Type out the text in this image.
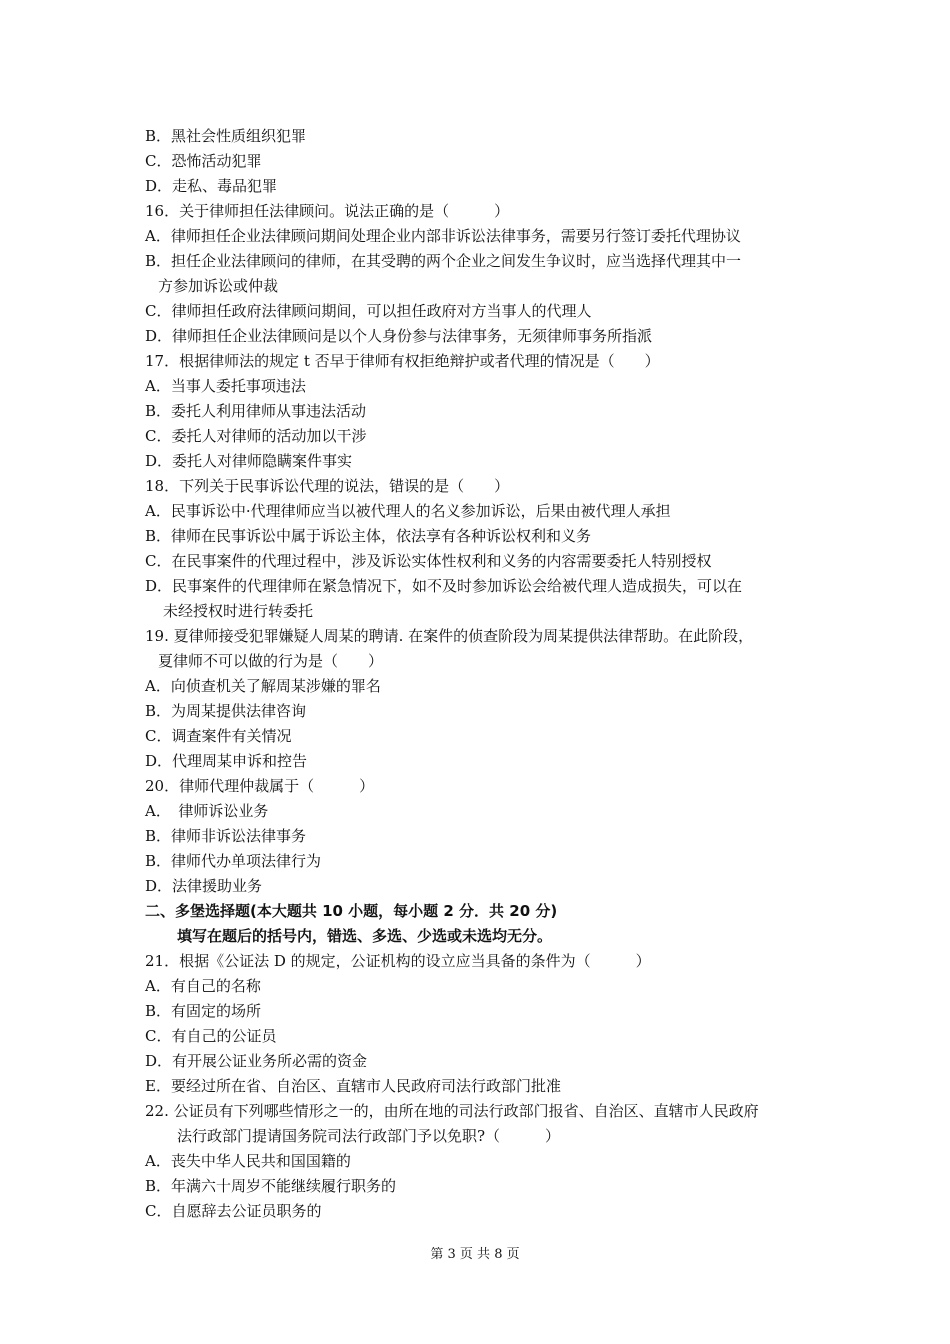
B．黑社会性质组织犯罪
C．恐怖活动犯罪
D．走私、毒品犯罪
16．关于律师担任法律顾问。说法正确的是（　　　）
A．律师担任企业法律顾问期间处理企业内部非诉讼法律事务，需要另行签订委托代理协议
B．担任企业法律顾问的律师，在其受聘的两个企业之间发生争议时，应当选择代理其中一
方参加诉讼或仲裁
C．律师担任政府法律顾问期间，可以担任政府对方当事人的代理人
D．律师担任企业法律顾问是以个人身份参与法律事务，无须律师事务所指派
17．根据律师法的规定 t 否早于律师有权拒绝辩护或者代理的情况是（　　）
A．当事人委托事项违法
B．委托人利用律师从事违法活动
C．委托人对律师的活动加以干涉
D．委托人对律师隐瞒案件事实
18．下列关于民事诉讼代理的说法，错误的是（　　）
A．民事诉讼中·代理律师应当以被代理人的名义参加诉讼，后果由被代理人承担
B．律师在民事诉讼中属于诉讼主体，依法享有各种诉讼权利和义务
C．在民事案件的代理过程中，涉及诉讼实体性权利和义务的内容需要委托人特别授权
D．民事案件的代理律师在紧急情况下，如不及时参加诉讼会给被代理人造成损失，可以在
未经授权时进行转委托
19. 夏律师接受犯罪嫌疑人周某的聘请. 在案件的侦查阶段为周某提供法律帮助。在此阶段，
夏律师不可以做的行为是（　　）
A．向侦查机关了解周某涉嫌的罪名
B．为周某提供法律咨询
C．调查案件有关情况
D．代理周某申诉和控告
20．律师代理仲裁属于（　　　）
A．　律师诉讼业务
B．律师非诉讼法律事务
B．律师代办单项法律行为
D．法律援助业务
二、多堡选择题(本大题共 10 小题，每小题 2 分．共 20 分)
填写在题后的括号内，错选、多选、少选或未选均无分。
21．根据《公证法 D 的规定，公证机构的设立应当具备的条件为（　　　）
A．有自己的名称
B．有固定的场所
C．有自己的公证员
D．有开展公证业务所必需的资金
E．要经过所在省、自治区、直辖市人民政府司法行政部门批准
22. 公证员有下列哪些情形之一的，由所在地的司法行政部门报省、自治区、直辖市人民政府
法行政部门提请国务院司法行政部门予以免职?（　　　）
A．丧失中华人民共和国国籍的
B．年满六十周岁不能继续履行职务的
C．自愿辞去公证员职务的
第 3 页 共 8 页
